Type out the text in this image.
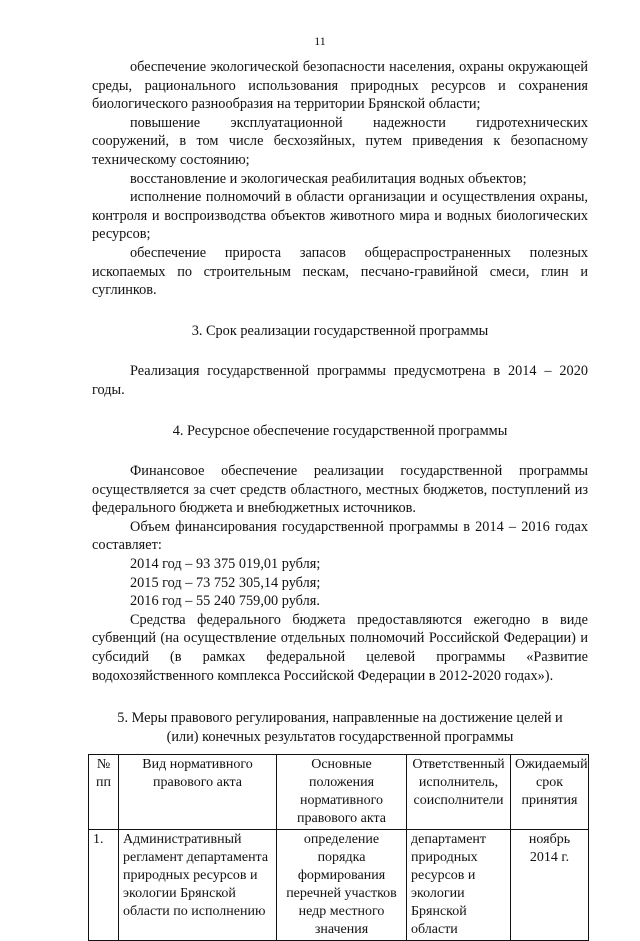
11

обеспечение экологической безопасности населения, охраны окружающей среды, рационального использования природных ресурсов и сохранения биологического разнообразия на территории Брянской области;

повышение эксплуатационной надежности гидротехнических сооружений, в том числе бесхозяйных, путем приведения к безопасному техническому состоянию;

восстановление и экологическая реабилитация водных объектов;

исполнение полномочий в области организации и осуществления охраны, контроля и воспроизводства объектов животного мира и водных биологических ресурсов;

обеспечение прироста запасов общераспространенных полезных ископаемых по строительным пескам, песчано-гравийной смеси, глин и суглинков.

3. Срок реализации государственной программы

Реализация государственной программы предусмотрена в 2014 – 2020 годы.

4. Ресурсное обеспечение государственной программы

Финансовое обеспечение реализации государственной программы осуществляется за счет средств областного, местных бюджетов, поступлений из федерального бюджета и внебюджетных источников.

Объем финансирования государственной программы в 2014 – 2016 годах составляет:

2014 год – 93 375 019,01 рубля;

2015 год – 73 752 305,14 рубля;

2016 год – 55 240 759,00 рубля.

Средства федерального бюджета предоставляются ежегодно в виде субвенций (на осуществление отдельных полномочий Российской Федерации) и субсидий (в рамках федеральной целевой программы «Развитие водохозяйственного комплекса Российской Федерации в 2012-2020 годах»).

5. Меры правового регулирования, направленные на достижение целей и
(или) конечных результатов государственной программы
№ пп	Вид нормативного правового акта	Основные положения нормативного правового акта	Ответственный исполнитель, соисполнители	Ожидаемый срок принятия
1.	Административный регламент департамента природных ресурсов и экологии Брянской области по исполнению	определение порядка формирования перечней участков недр местного значения	департамент природных ресурсов и экологии Брянской области	ноябрь 2014 г.
